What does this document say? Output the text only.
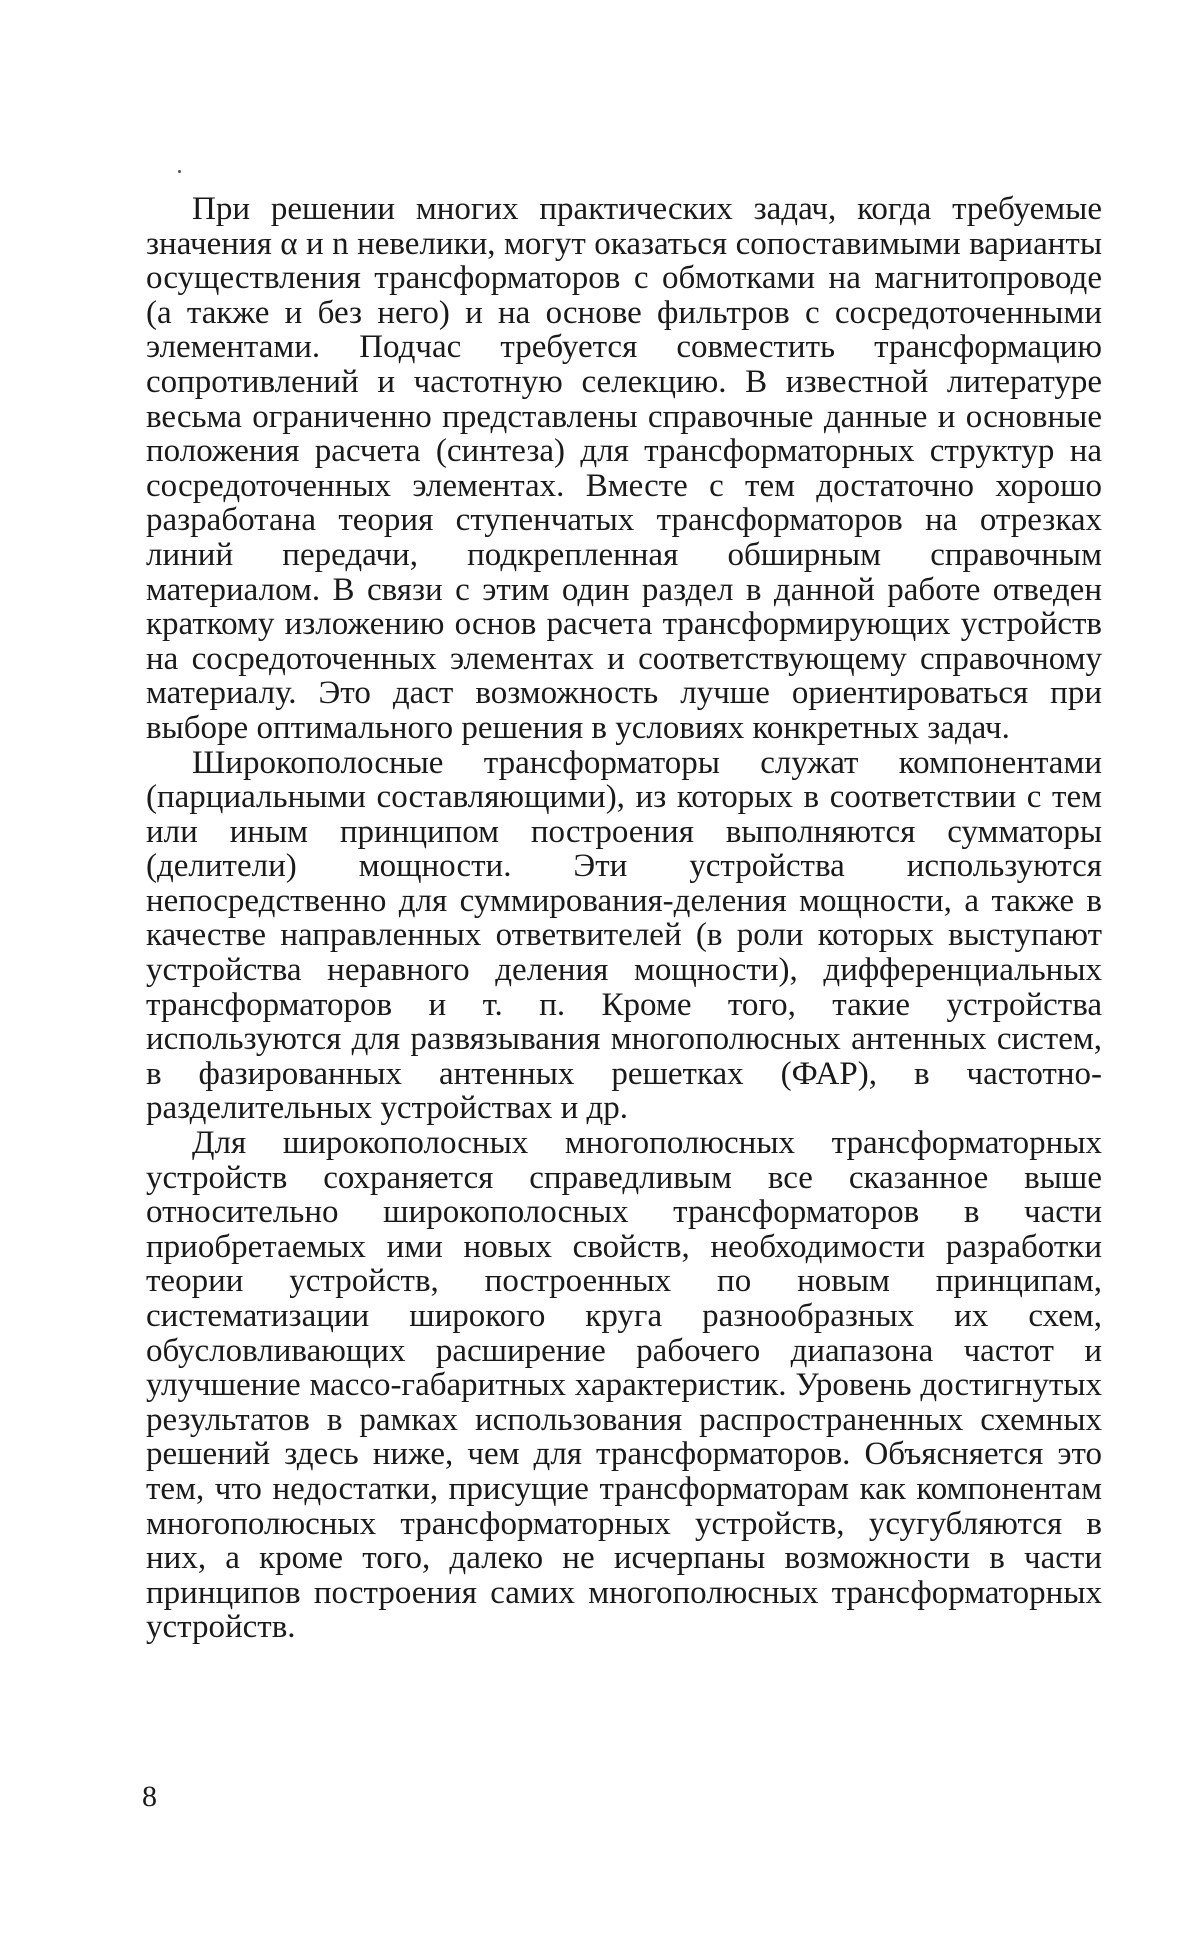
При решении многих практических задач, когда требуемые значения α и n невелики, могут оказаться сопоставимыми варианты осуществления трансформаторов с обмотками на магнитопроводе (а также и без него) и на основе фильтров с сосредоточенными элементами. Подчас требуется совместить трансформацию сопротивлений и частотную селекцию. В известной литературе весьма ограниченно представлены справочные данные и основные положения расчета (синтеза) для трансформаторных структур на сосредоточенных элементах. Вместе с тем достаточно хорошо разработана теория ступенчатых трансформаторов на отрезках линий передачи, подкрепленная обширным справочным материалом. В связи с этим один раздел в данной работе отведен краткому изложению основ расчета трансформирующих устройств на сосредоточенных элементах и соответствующему справочному материалу. Это даст возможность лучше ориентироваться при выборе оптимального решения в условиях конкретных задач.

Широкополосные трансформаторы служат компонентами (парциальными составляющими), из которых в соответствии с тем или иным принципом построения выполняются сумматоры (делители) мощности. Эти устройства используются непосредственно для суммирования-деления мощности, а также в качестве направленных ответвителей (в роли которых выступают устройства неравного деления мощности), дифференциальных трансформаторов и т. п. Кроме того, такие устройства используются для развязывания многополюсных антенных систем, в фазированных антенных решетках (ФАР), в частотно-разделительных устройствах и др.

Для широкополосных многополюсных трансформаторных устройств сохраняется справедливым все сказанное выше относительно широкополосных трансформаторов в части приобретаемых ими новых свойств, необходимости разработки теории устройств, построенных по новым принципам, систематизации широкого круга разнообразных их схем, обусловливающих расширение рабочего диапазона частот и улучшение массо-габаритных характеристик. Уровень достигнутых результатов в рамках использования распространенных схемных решений здесь ниже, чем для трансформаторов. Объясняется это тем, что недостатки, присущие трансформаторам как компонентам многополюсных трансформаторных устройств, усугубляются в них, а кроме того, далеко не исчерпаны возможности в части принципов построения самих многополюсных трансформаторных устройств.

8
